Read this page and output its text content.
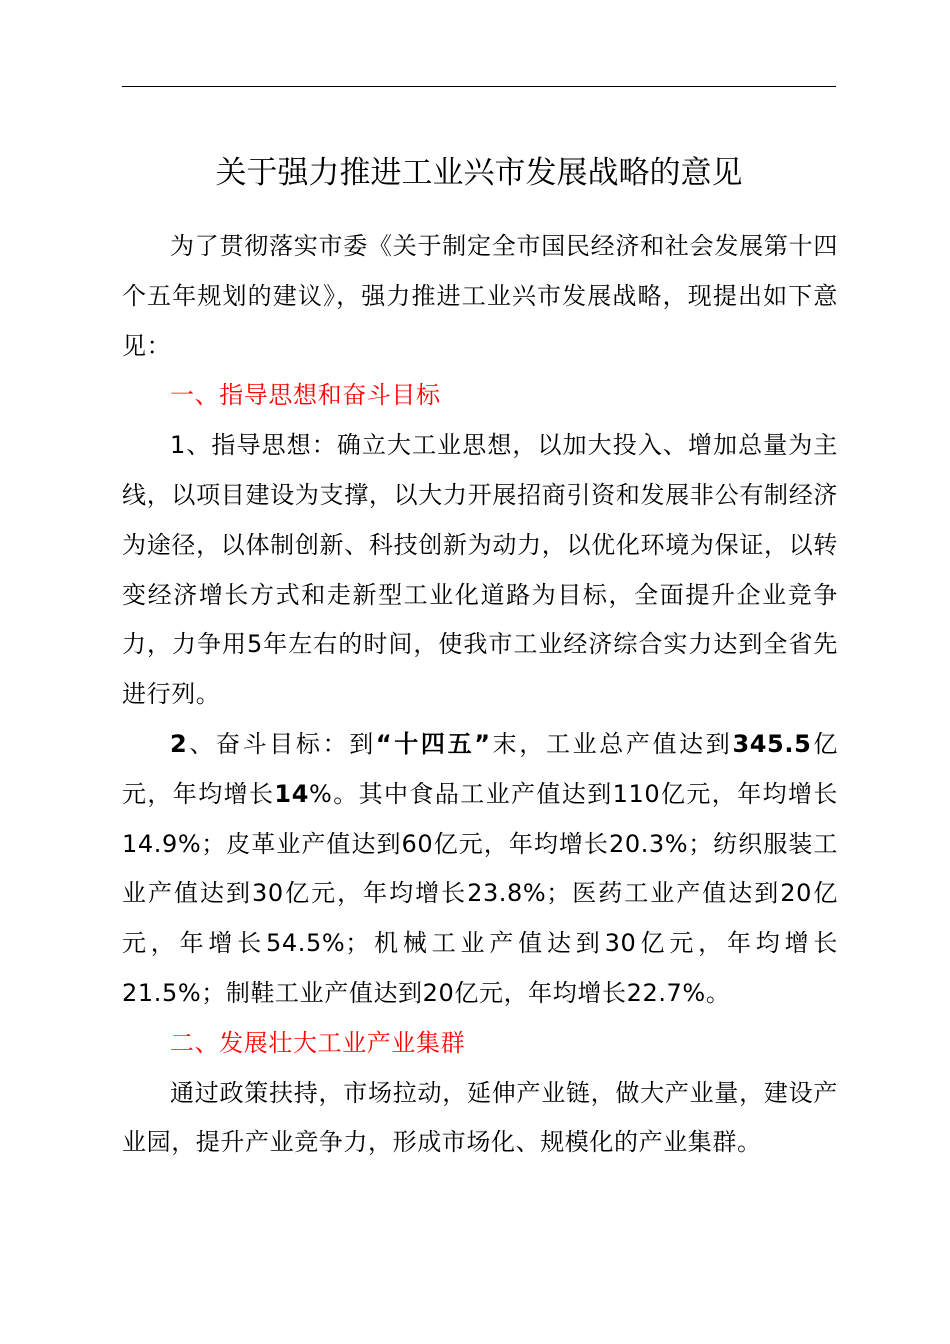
关于强力推进工业兴市发展战略的意见

为了贯彻落实市委《关于制定全市国民经济和社会发展第十四个五年规划的建议》，强力推进工业兴市发展战略，现提出如下意见：

一、指导思想和奋斗目标

1、指导思想：确立大工业思想，以加大投入、增加总量为主线，以项目建设为支撑，以大力开展招商引资和发展非公有制经济为途径，以体制创新、科技创新为动力，以优化环境为保证，以转变经济增长方式和走新型工业化道路为目标，全面提升企业竞争力，力争用5年左右的时间，使我市工业经济综合实力达到全省先进行列。

2、奋斗目标：到“十四五”末，工业总产值达到345.5亿元，年均增长14%。其中食品工业产值达到110亿元，年均增长14.9%；皮革业产值达到60亿元，年均增长20.3%；纺织服装工业产值达到30亿元，年均增长23.8%；医药工业产值达到20亿元，年增长54.5%；机械工业产值达到30亿元，年均增长21.5%；制鞋工业产值达到20亿元，年均增长22.7%。

二、发展壮大工业产业集群

通过政策扶持，市场拉动，延伸产业链，做大产业量，建设产业园，提升产业竞争力，形成市场化、规模化的产业集群。
